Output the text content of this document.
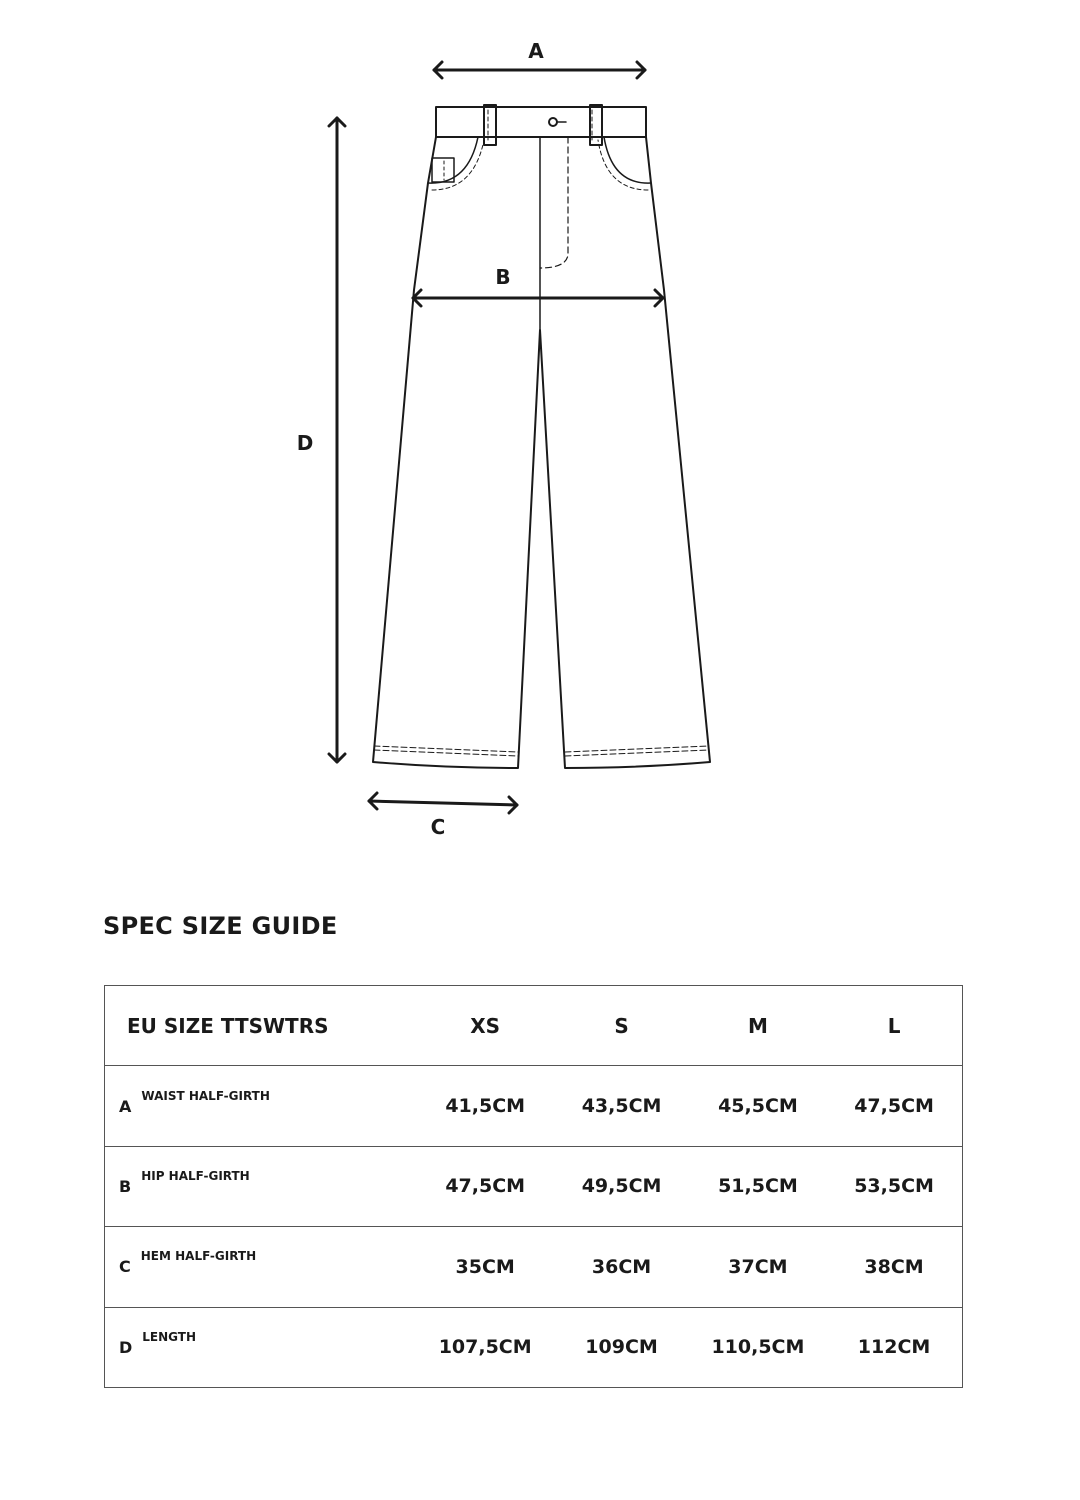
A
B
C
D
SPEC SIZE GUIDE
EU SIZE TTSWTRS	XS	S	M	L
AWAIST HALF-GIRTH	41,5CM	43,5CM	45,5CM	47,5CM
BHIP HALF-GIRTH	47,5CM	49,5CM	51,5CM	53,5CM
CHEM HALF-GIRTH	35CM	36CM	37CM	38CM
DLENGTH	107,5CM	109CM	110,5CM	112CM
